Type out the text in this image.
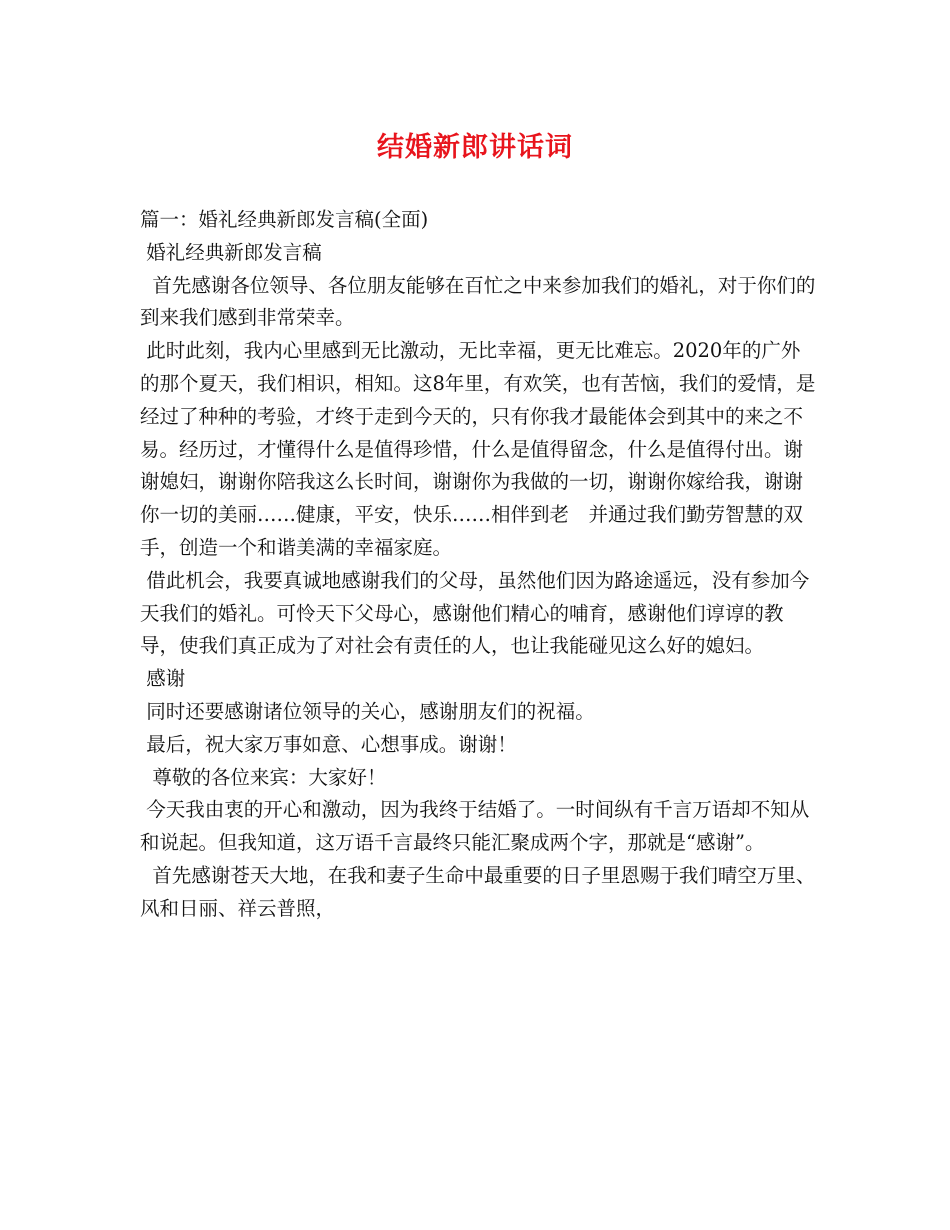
结婚新郎讲话词

篇一：婚礼经典新郎发言稿(全面)

婚礼经典新郎发言稿

首先感谢各位领导、各位朋友能够在百忙之中来参加我们的婚礼，对于你们的到来我们感到非常荣幸。

此时此刻，我内心里感到无比激动，无比幸福，更无比难忘。2020年的广外的那个夏天，我们相识，相知。这8年里，有欢笑，也有苦恼，我们的爱情，是经过了种种的考验，才终于走到今天的，只有你我才最能体会到其中的来之不易。经历过，才懂得什么是值得珍惜，什么是值得留念，什么是值得付出。谢谢媳妇，谢谢你陪我这么长时间，谢谢你为我做的一切，谢谢你嫁给我，谢谢你一切的美丽……健康，平安，快乐……相伴到老　并通过我们勤劳智慧的双手，创造一个和谐美满的幸福家庭。

借此机会，我要真诚地感谢我们的父母，虽然他们因为路途遥远，没有参加今天我们的婚礼。可怜天下父母心，感谢他们精心的哺育，感谢他们谆谆的教导，使我们真正成为了对社会有责任的人，也让我能碰见这么好的媳妇。

感谢

同时还要感谢诸位领导的关心，感谢朋友们的祝福。

最后，祝大家万事如意、心想事成。谢谢！

尊敬的各位来宾：大家好！

今天我由衷的开心和激动，因为我终于结婚了。一时间纵有千言万语却不知从和说起。但我知道，这万语千言最终只能汇聚成两个字，那就是“感谢”。

首先感谢苍天大地，在我和妻子生命中最重要的日子里恩赐于我们晴空万里、风和日丽、祥云普照，
